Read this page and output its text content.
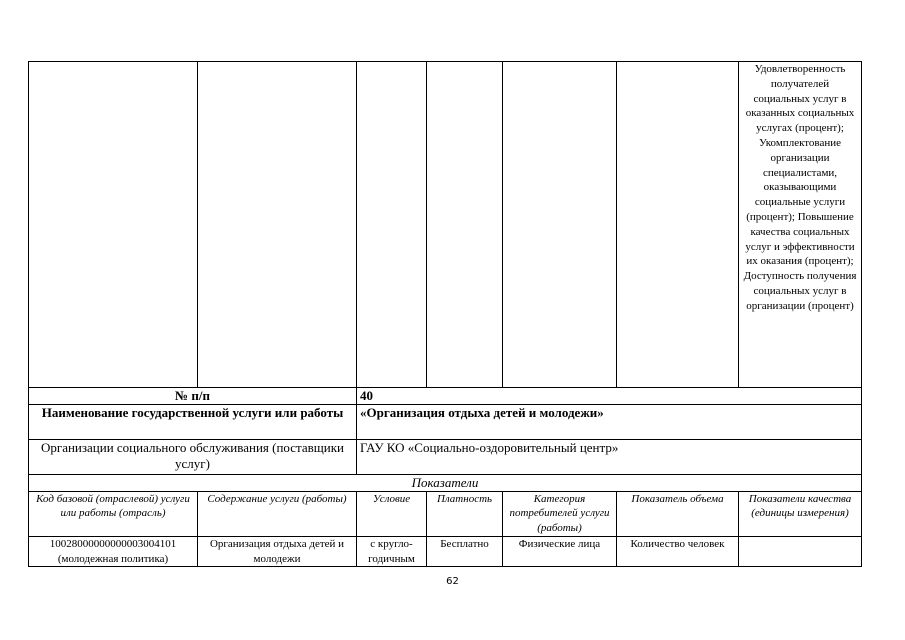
						Удовлетворенность получателей социальных услуг в оказанных социальных услугах (процент); Укомплектование организации специалистами, оказывающими социальные услуги (процент); Повышение качества социальных услуг и эффективности их оказания (процент); Доступность получения социальных услуг в организации (процент)

№ п/п		40				
Наименование государственной услуги или работы		«Организация отдыха детей и молодежи»				
Организации социального обслуживания (поставщики услуг)		ГАУ КО «Социально-оздоровительный центр»				
Показатели						
Код базовой (отраслевой) услуги или работы (отрасль)	Содержание услуги (работы)	Условие	Платность	Категория потребителей услуги (работы)	Показатель объема	Показатели качества (единицы измерения)
10028000000000003004101 (молодежная политика)	Организация отдыха детей и молодежи	с кругло-годичным	Бесплатно	Физические лица	Количество человек	
62
